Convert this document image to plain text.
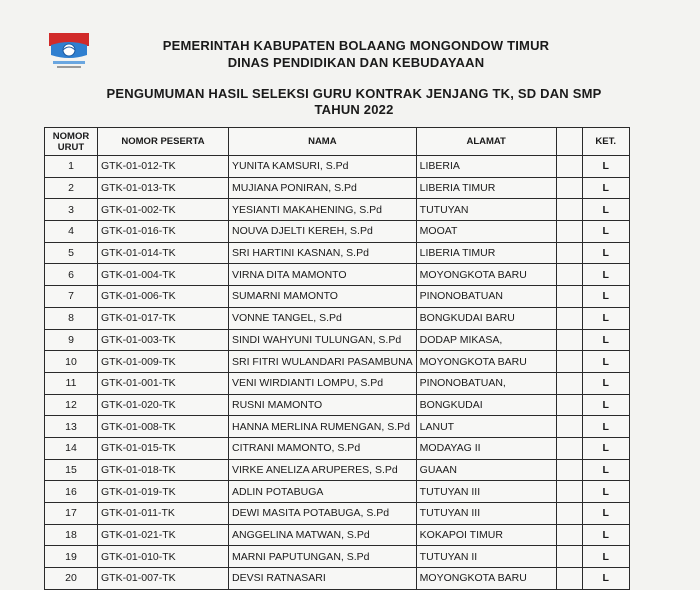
PEMERINTAH KABUPATEN BOLAANG MONGONDOW TIMUR
DINAS PENDIDIKAN DAN KEBUDAYAAN
PENGUMUMAN HASIL SELEKSI GURU KONTRAK JENJANG TK, SD DAN SMP
TAHUN 2022
NOMOR
URUT	NOMOR PESERTA	NAMA	ALAMAT		KET.
1	GTK-01-012-TK	YUNITA KAMSURI, S.Pd	LIBERIA		L
2	GTK-01-013-TK	MUJIANA PONIRAN, S.Pd	LIBERIA TIMUR		L
3	GTK-01-002-TK	YESIANTI MAKAHENING, S.Pd	TUTUYAN		L
4	GTK-01-016-TK	NOUVA DJELTI KEREH, S.Pd	MOOAT		L
5	GTK-01-014-TK	SRI HARTINI KASNAN, S.Pd	LIBERIA TIMUR		L
6	GTK-01-004-TK	VIRNA DITA MAMONTO	MOYONGKOTA BARU		L
7	GTK-01-006-TK	SUMARNI MAMONTO	PINONOBATUAN		L
8	GTK-01-017-TK	VONNE TANGEL, S.Pd	BONGKUDAI BARU		L
9	GTK-01-003-TK	SINDI WAHYUNI TULUNGAN, S.Pd	DODAP MIKASA,		L
10	GTK-01-009-TK	SRI FITRI WULANDARI PASAMBUNA	MOYONGKOTA BARU		L
11	GTK-01-001-TK	VENI WIRDIANTI LOMPU, S.Pd	PINONOBATUAN,		L
12	GTK-01-020-TK	RUSNI MAMONTO	BONGKUDAI		L
13	GTK-01-008-TK	HANNA MERLINA RUMENGAN, S.Pd	LANUT		L
14	GTK-01-015-TK	CITRANI MAMONTO, S.Pd	MODAYAG II		L
15	GTK-01-018-TK	VIRKE ANELIZA ARUPERES, S.Pd	GUAAN		L
16	GTK-01-019-TK	ADLIN POTABUGA	TUTUYAN III		L
17	GTK-01-011-TK	DEWI MASITA POTABUGA, S.Pd	TUTUYAN III		L
18	GTK-01-021-TK	ANGGELINA MATWAN, S.Pd	KOKAPOI TIMUR		L
19	GTK-01-010-TK	MARNI PAPUTUNGAN, S.Pd	TUTUYAN II		L
20	GTK-01-007-TK	DEVSI RATNASARI	MOYONGKOTA BARU		L
